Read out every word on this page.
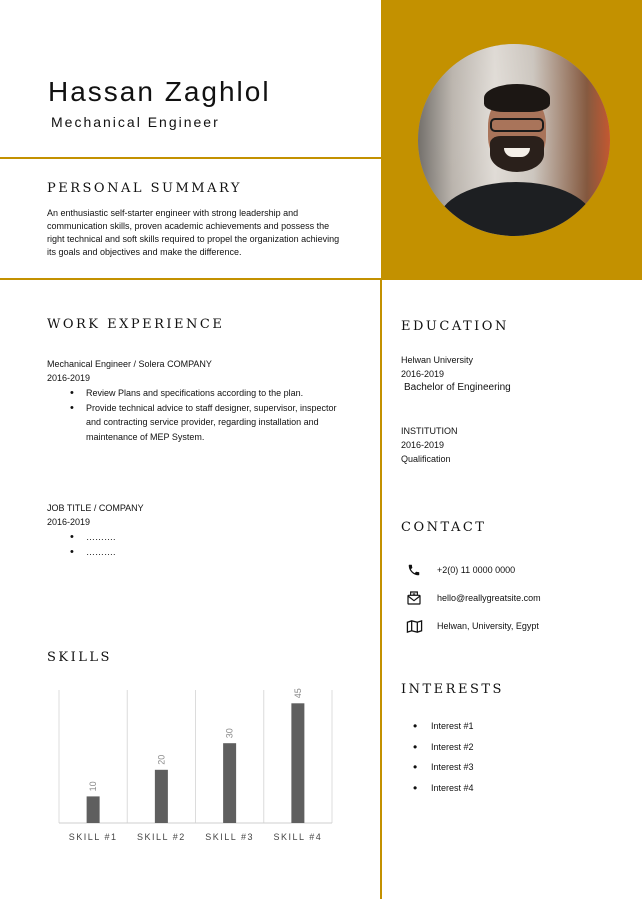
Hassan Zaghlol
Mechanical Engineer
PERSONAL SUMMARY
An enthusiastic self-starter engineer with strong leadership and communication skills, proven academic achievements and possess the right technical and soft skills required to propel the organization achieving its goals and objectives and make the difference.
WORK EXPERIENCE
Mechanical Engineer / Solera COMPANY
2016-2019
• Review Plans and specifications according to the plan.
• Provide technical advice to staff designer, supervisor, inspector and contracting service provider, regarding installation and maintenance of MEP System.
JOB TITLE / COMPANY
2016-2019
• ……….
• ……….
SKILLS
10
SKILL #1
20
SKILL #2
30
SKILL #3
45
SKILL #4
EDUCATION
Helwan University
2016-2019
Bachelor of Engineering
INSTITUTION
2016-2019
Qualification
CONTACT
+2(0) 11 0000 0000
hello@reallygreatsite.com
Helwan, University, Egypt
INTERESTS
• Interest #1
• Interest #2
• Interest #3
• Interest #4
